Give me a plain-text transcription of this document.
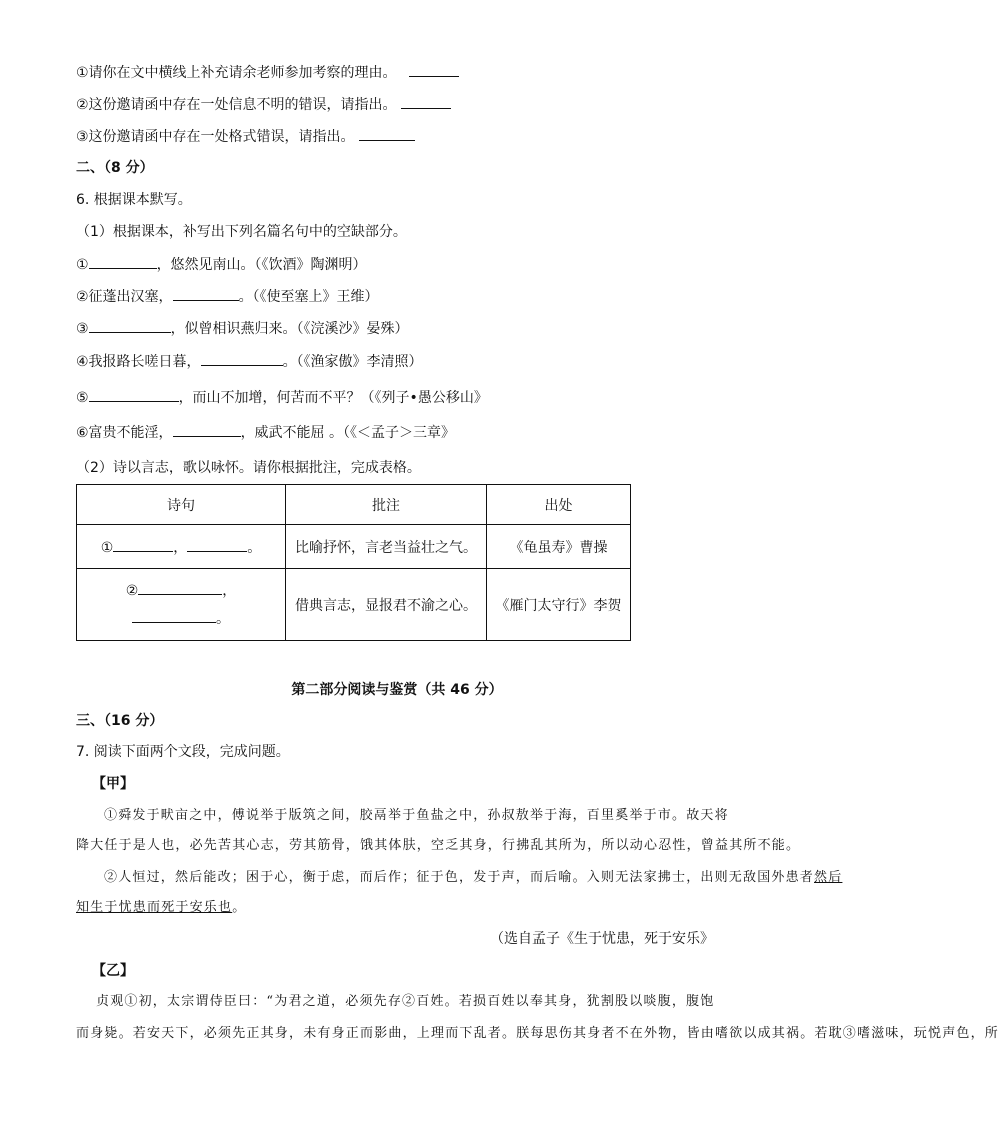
①请你在文中横线上补充请余老师参加考察的理由。
②这份邀请函中存在一处信息不明的错误，请指出。
③这份邀请函中存在一处格式错误，请指出。
二、（8 分）
6. 根据课本默写。
（1）根据课本，补写出下列名篇名句中的空缺部分。
①	，悠然见南山。（《饮酒》陶渊明）
②征蓬出汉塞，	。（《使至塞上》王维）
③	，似曾相识燕归来。（《浣溪沙》晏殊）
④我报路长嗟日暮，	。（《渔家傲》李清照）
⑤	，而山不加增，何苦而不平？（《列子•愚公移山》
⑥富贵不能淫，	，威武不能屈 。（《＜孟子＞三章》
（2）诗以言志，歌以咏怀。请你根据批注，完成表格。
诗句	批注	出处
① ， 。	比喻抒怀，言老当益壮之气。	《龟虽寿》曹操

② ，
。	借典言志，显报君不渝之心。	《雁门太守行》李贺
第二部分阅读与鉴赏（共 46 分）
三、（16 分）
7. 阅读下面两个文段，完成问题。
【甲】
①舜发于畎亩之中，傅说举于版筑之间，胶鬲举于鱼盐之中，孙叔敖举于海，百里奚举于市。故天将
降大任于是人也，必先苦其心志，劳其筋骨，饿其体肤，空乏其身，行拂乱其所为，所以动心忍性，曾益其所不能。
②人恒过，然后能改；困于心，衡于虑，而后作；征于色，发于声，而后喻。入则无法家拂士，出则无敌国外患者然后
知生于忧患而死于安乐也。
（选自孟子《生于忧患，死于安乐》
【乙】
贞观①初，太宗谓侍臣曰：“为君之道，必须先存②百姓。若损百姓以奉其身，犹割股以啖腹，腹饱
而身毙。若安天下，必须先正其身，未有身正而影曲，上理而下乱者。朕每思伤其身者不在外物，皆由嗜欲以成其祸。若耽③嗜滋味，玩悦声色，所
